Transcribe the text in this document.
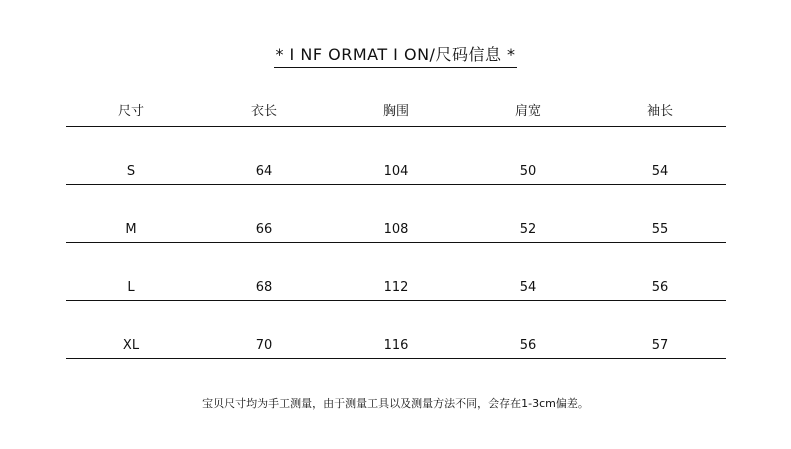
* I NF ORMAT I ON/尺码信息 *
尺寸	衣长	胸围	肩宽	袖长
S	64	104	50	54
M	66	108	52	55
L	68	112	54	56
XL	70	116	56	57
宝贝尺寸均为手工测量，由于测量工具以及测量方法不同，会存在1-3cm偏差。
